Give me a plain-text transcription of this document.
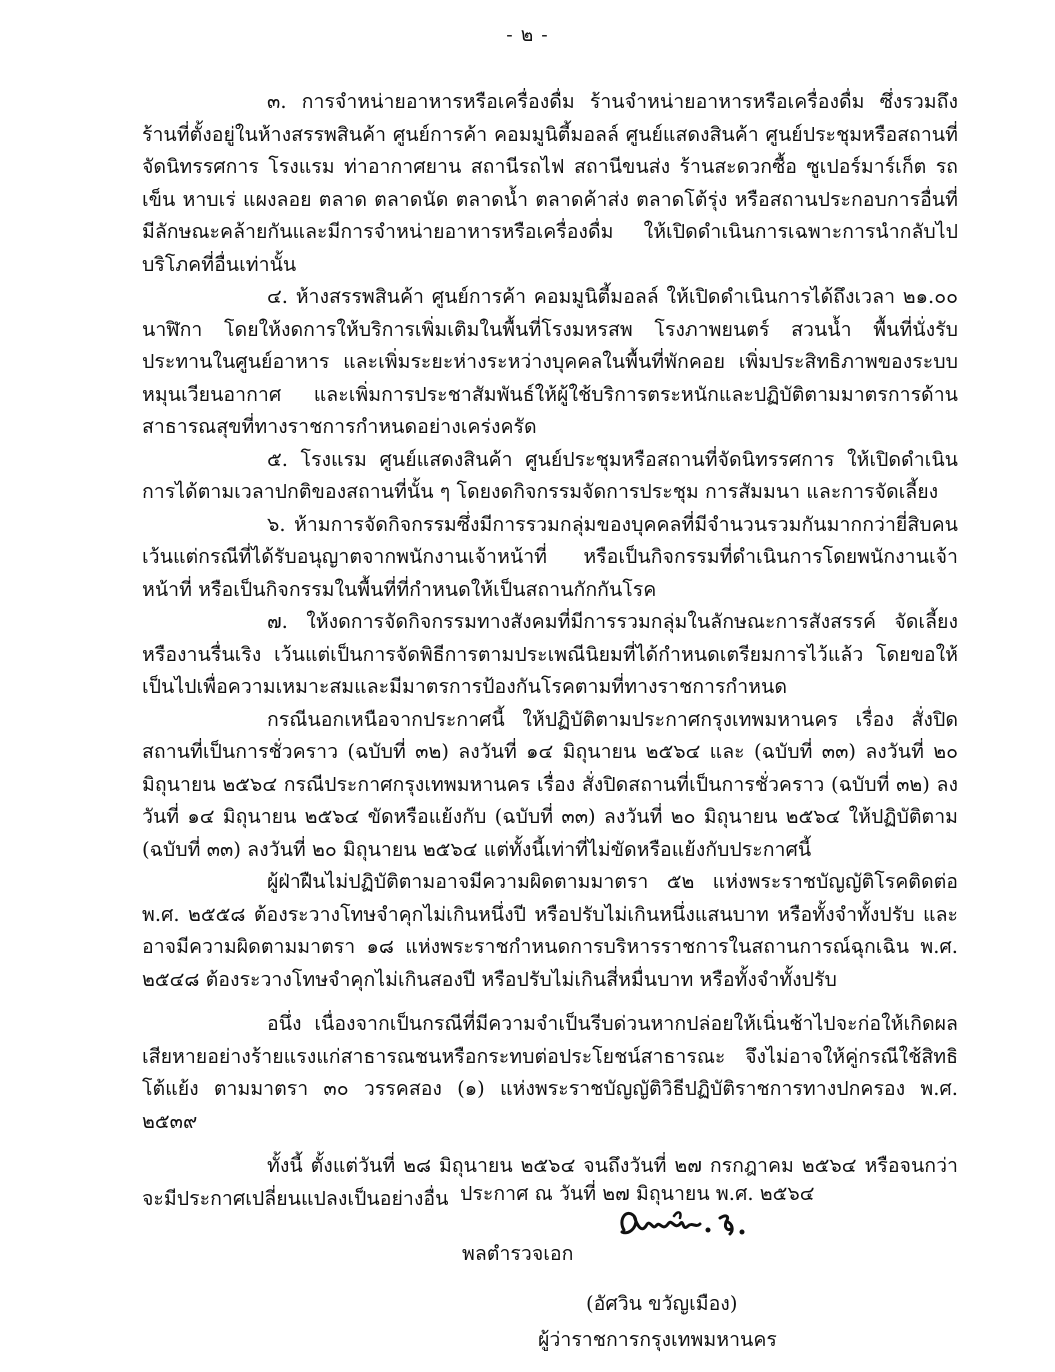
- ๒ -

๓. การจำหน่ายอาหารหรือเครื่องดื่ม ร้านจำหน่ายอาหารหรือเครื่องดื่ม ซึ่งรวมถึงร้านที่ตั้งอยู่ในห้างสรรพสินค้า ศูนย์การค้า คอมมูนิตี้มอลล์ ศูนย์แสดงสินค้า ศูนย์ประชุมหรือสถานที่จัดนิทรรศการ โรงแรม ท่าอากาศยาน สถานีรถไฟ สถานีขนส่ง ร้านสะดวกซื้อ ซูเปอร์มาร์เก็ต รถเข็น หาบเร่ แผงลอย ตลาด ตลาดนัด ตลาดน้ำ ตลาดค้าส่ง ตลาดโต้รุ่ง หรือสถานประกอบการอื่นที่มีลักษณะคล้ายกันและมีการจำหน่ายอาหารหรือเครื่องดื่ม ให้เปิดดำเนินการเฉพาะการนำกลับไปบริโภคที่อื่นเท่านั้น

๔. ห้างสรรพสินค้า ศูนย์การค้า คอมมูนิตี้มอลล์ ให้เปิดดำเนินการได้ถึงเวลา ๒๑.๐๐ นาฬิกา โดยให้งดการให้บริการเพิ่มเติมในพื้นที่โรงมหรสพ โรงภาพยนตร์ สวนน้ำ พื้นที่นั่งรับประทานในศูนย์อาหาร และเพิ่มระยะห่างระหว่างบุคคลในพื้นที่พักคอย เพิ่มประสิทธิภาพของระบบหมุนเวียนอากาศ และเพิ่มการประชาสัมพันธ์ให้ผู้ใช้บริการตระหนักและปฏิบัติตามมาตรการด้านสาธารณสุขที่ทางราชการกำหนดอย่างเคร่งครัด

๕. โรงแรม ศูนย์แสดงสินค้า ศูนย์ประชุมหรือสถานที่จัดนิทรรศการ ให้เปิดดำเนินการได้ตามเวลาปกติของสถานที่นั้น ๆ โดยงดกิจกรรมจัดการประชุม การสัมมนา และการจัดเลี้ยง

๖. ห้ามการจัดกิจกรรมซึ่งมีการรวมกลุ่มของบุคคลที่มีจำนวนรวมกันมากกว่ายี่สิบคน เว้นแต่กรณีที่ได้รับอนุญาตจากพนักงานเจ้าหน้าที่ หรือเป็นกิจกรรมที่ดำเนินการโดยพนักงานเจ้าหน้าที่ หรือเป็นกิจกรรมในพื้นที่ที่กำหนดให้เป็นสถานกักกันโรค

๗. ให้งดการจัดกิจกรรมทางสังคมที่มีการรวมกลุ่มในลักษณะการสังสรรค์ จัดเลี้ยง หรืองานรื่นเริง เว้นแต่เป็นการจัดพิธีการตามประเพณีนิยมที่ได้กำหนดเตรียมการไว้แล้ว โดยขอให้เป็นไปเพื่อความเหมาะสมและมีมาตรการป้องกันโรคตามที่ทางราชการกำหนด

กรณีนอกเหนือจากประกาศนี้ ให้ปฏิบัติตามประกาศกรุงเทพมหานคร เรื่อง สั่งปิดสถานที่เป็นการชั่วคราว (ฉบับที่ ๓๒) ลงวันที่ ๑๔ มิถุนายน ๒๕๖๔ และ (ฉบับที่ ๓๓) ลงวันที่ ๒๐ มิถุนายน ๒๕๖๔ กรณีประกาศกรุงเทพมหานคร เรื่อง สั่งปิดสถานที่เป็นการชั่วคราว (ฉบับที่ ๓๒) ลงวันที่ ๑๔ มิถุนายน ๒๕๖๔ ขัดหรือแย้งกับ (ฉบับที่ ๓๓) ลงวันที่ ๒๐ มิถุนายน ๒๕๖๔ ให้ปฏิบัติตาม (ฉบับที่ ๓๓) ลงวันที่ ๒๐ มิถุนายน ๒๕๖๔ แต่ทั้งนี้เท่าที่ไม่ขัดหรือแย้งกับประกาศนี้

ผู้ฝ่าฝืนไม่ปฏิบัติตามอาจมีความผิดตามมาตรา ๕๒ แห่งพระราชบัญญัติโรคติดต่อ พ.ศ. ๒๕๕๘ ต้องระวางโทษจำคุกไม่เกินหนึ่งปี หรือปรับไม่เกินหนึ่งแสนบาท หรือทั้งจำทั้งปรับ และอาจมีความผิดตามมาตรา ๑๘ แห่งพระราชกำหนดการบริหารราชการในสถานการณ์ฉุกเฉิน พ.ศ. ๒๕๔๘ ต้องระวางโทษจำคุกไม่เกินสองปี หรือปรับไม่เกินสี่หมื่นบาท หรือทั้งจำทั้งปรับ

อนึ่ง เนื่องจากเป็นกรณีที่มีความจำเป็นรีบด่วนหากปล่อยให้เนิ่นช้าไปจะก่อให้เกิดผลเสียหายอย่างร้ายแรงแก่สาธารณชนหรือกระทบต่อประโยชน์สาธารณะ จึงไม่อาจให้คู่กรณีใช้สิทธิโต้แย้ง ตามมาตรา ๓๐ วรรคสอง (๑) แห่งพระราชบัญญัติวิธีปฏิบัติราชการทางปกครอง พ.ศ. ๒๕๓๙

ทั้งนี้ ตั้งแต่วันที่ ๒๘ มิถุนายน ๒๕๖๔ จนถึงวันที่ ๒๗ กรกฎาคม ๒๕๖๔ หรือจนกว่าจะมีประกาศเปลี่ยนแปลงเป็นอย่างอื่น ประกาศ ณ วันที่ ๒๗ มิถุนายน พ.ศ. ๒๕๖๔
พลตำรวจเอก
(อัศวิน ขวัญเมือง)
ผู้ว่าราชการกรุงเทพมหานคร
